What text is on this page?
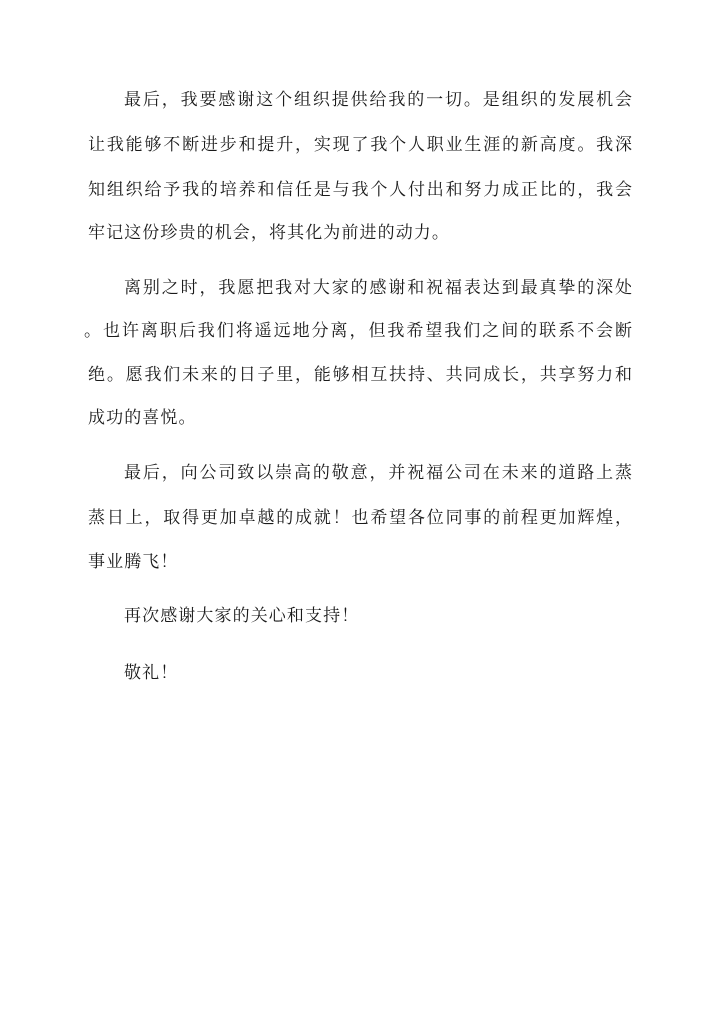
最后，我要感谢这个组织提供给我的一切。是组织的发展机会
让我能够不断进步和提升，实现了我个人职业生涯的新高度。我深
知组织给予我的培养和信任是与我个人付出和努力成正比的，我会
牢记这份珍贵的机会，将其化为前进的动力。
离别之时，我愿把我对大家的感谢和祝福表达到最真挚的深处
。也许离职后我们将遥远地分离，但我希望我们之间的联系不会断
绝。愿我们未来的日子里，能够相互扶持、共同成长，共享努力和
成功的喜悦。
最后，向公司致以崇高的敬意，并祝福公司在未来的道路上蒸
蒸日上，取得更加卓越的成就！也希望各位同事的前程更加辉煌，
事业腾飞！
再次感谢大家的关心和支持！
敬礼！
